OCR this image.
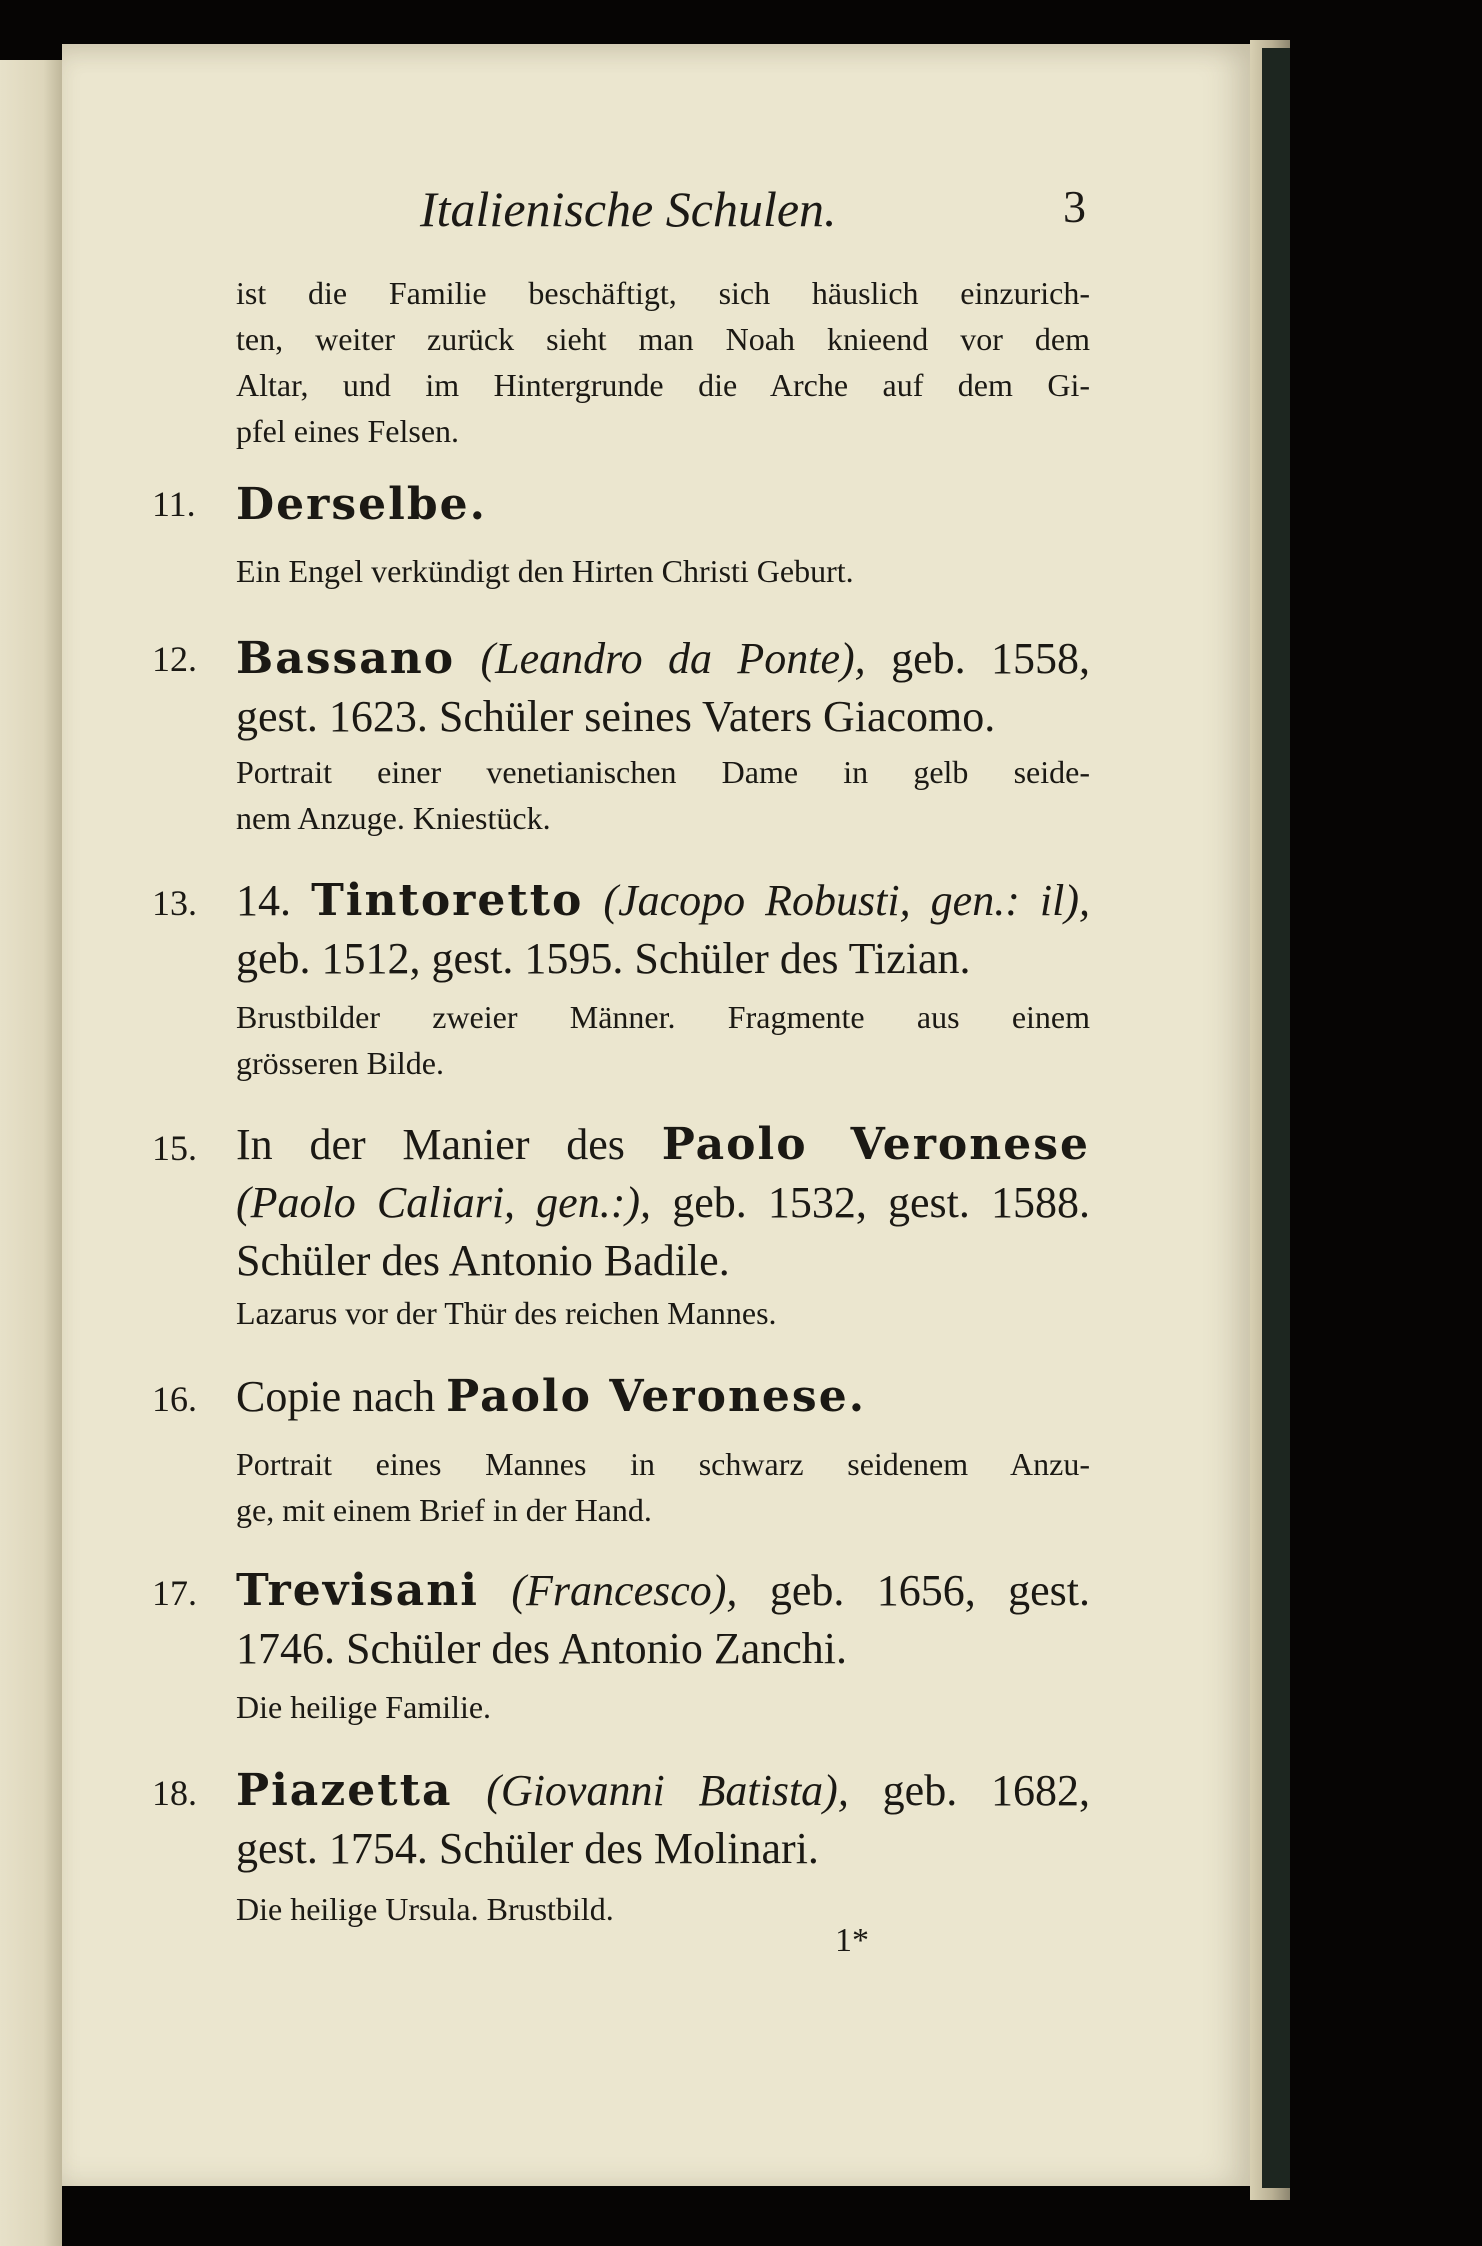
Italienische Schulen.	3
ist die Familie beschäftigt, sich häuslich einzurich-
ten, weiter zurück sieht man Noah knieend vor dem
Altar, und im Hintergrunde die Arche auf dem Gi-
pfel eines Felsen.
11. Derselbe.
Ein Engel verkündigt den Hirten Christi Geburt.
12. Bassano (Leandro da Ponte), geb. 1558,
gest. 1623. Schüler seines Vaters Giacomo.
Portrait einer venetianischen Dame in gelb seide-
nem Anzuge. Kniestück.
13. 14. Tintoretto (Jacopo Robusti, gen.: il),
geb. 1512, gest. 1595. Schüler des Tizian.
Brustbilder zweier Männer. Fragmente aus einem
grösseren Bilde.
15. In der Manier des Paolo Veronese
(Paolo Caliari, gen.:), geb. 1532, gest. 1588.
Schüler des Antonio Badile.
Lazarus vor der Thür des reichen Mannes.
16. Copie nach Paolo Veronese.
Portrait eines Mannes in schwarz seidenem Anzu-
ge, mit einem Brief in der Hand.
17. Trevisani (Francesco), geb. 1656, gest.
1746. Schüler des Antonio Zanchi.
Die heilige Familie.
18. Piazetta (Giovanni Batista), geb. 1682,
gest. 1754. Schüler des Molinari.
Die heilige Ursula. Brustbild.
1*
